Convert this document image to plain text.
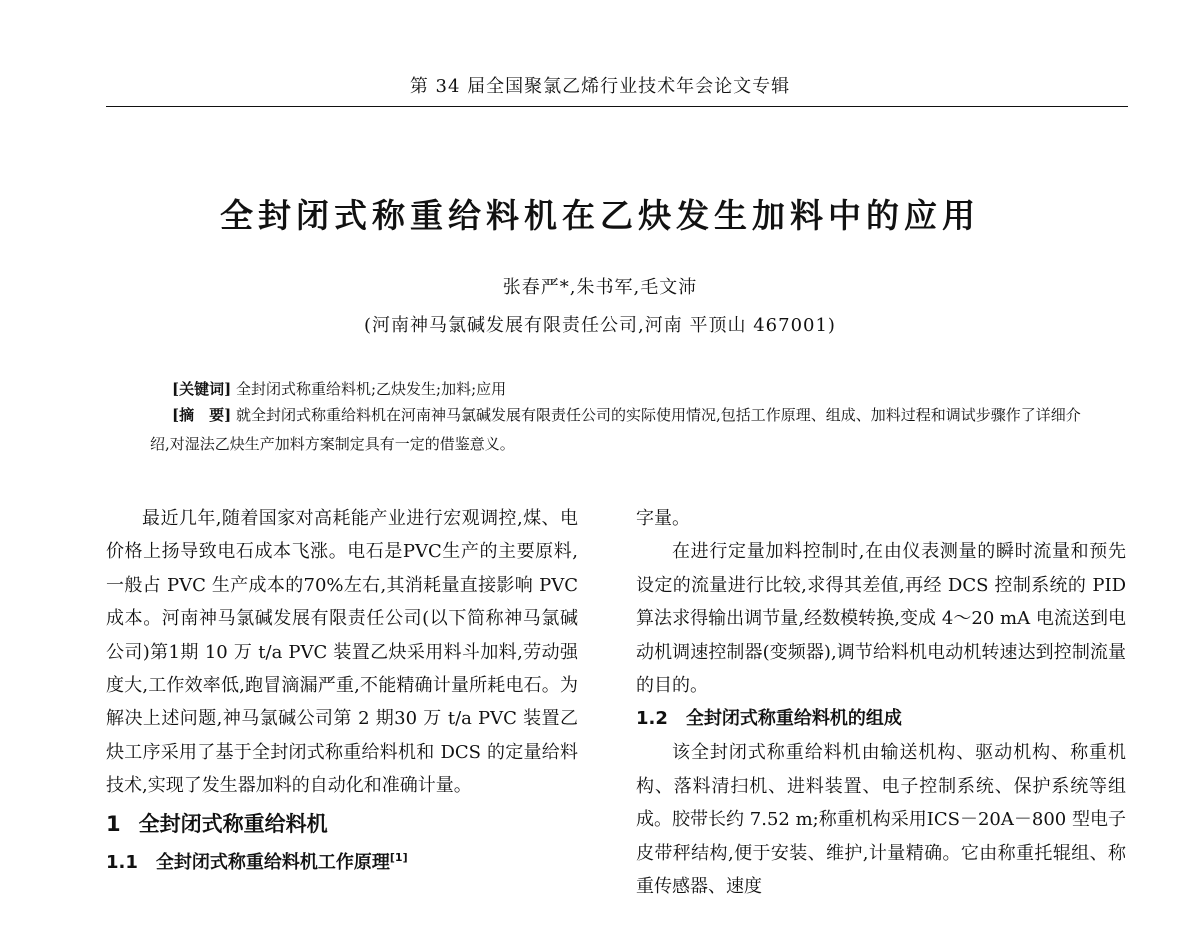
第 34 届全国聚氯乙烯行业技术年会论文专辑
全封闭式称重给料机在乙炔发生加料中的应用
张春严*,朱书军,毛文沛
(河南神马氯碱发展有限责任公司,河南 平顶山 467001)
[关键词] 全封闭式称重给料机;乙炔发生;加料;应用
[摘　要] 就全封闭式称重给料机在河南神马氯碱发展有限责任公司的实际使用情况,包括工作原理、组成、加料过程和调试步骤作了详细介绍,对湿法乙炔生产加料方案制定具有一定的借鉴意义。

最近几年,随着国家对高耗能产业进行宏观调控,煤、电价格上扬导致电石成本飞涨。电石是PVC生产的主要原料,一般占 PVC 生产成本的70%左右,其消耗量直接影响 PVC 成本。河南神马氯碱发展有限责任公司(以下简称神马氯碱公司)第1期 10 万 t/a PVC 装置乙炔采用料斗加料,劳动强度大,工作效率低,跑冒滴漏严重,不能精确计量所耗电石。为解决上述问题,神马氯碱公司第 2 期30 万 t/a PVC 装置乙炔工序采用了基于全封闭式称重给料机和 DCS 的定量给料技术,实现了发生器加料的自动化和准确计量。

1 全封闭式称重给料机
1.1 全封闭式称重给料机工作原理[1]

字量。

在进行定量加料控制时,在由仪表测量的瞬时流量和预先设定的流量进行比较,求得其差值,再经 DCS 控制系统的 PID 算法求得输出调节量,经数模转换,变成 4～20 mA 电流送到电动机调速控制器(变频器),调节给料机电动机转速达到控制流量的目的。

1.2 全封闭式称重给料机的组成

该全封闭式称重给料机由输送机构、驱动机构、称重机构、落料清扫机、进料装置、电子控制系统、保护系统等组成。胶带长约 7.52 m;称重机构采用ICS－20A－800 型电子皮带秤结构,便于安装、维护,计量精确。它由称重托辊组、称重传感器、速度
